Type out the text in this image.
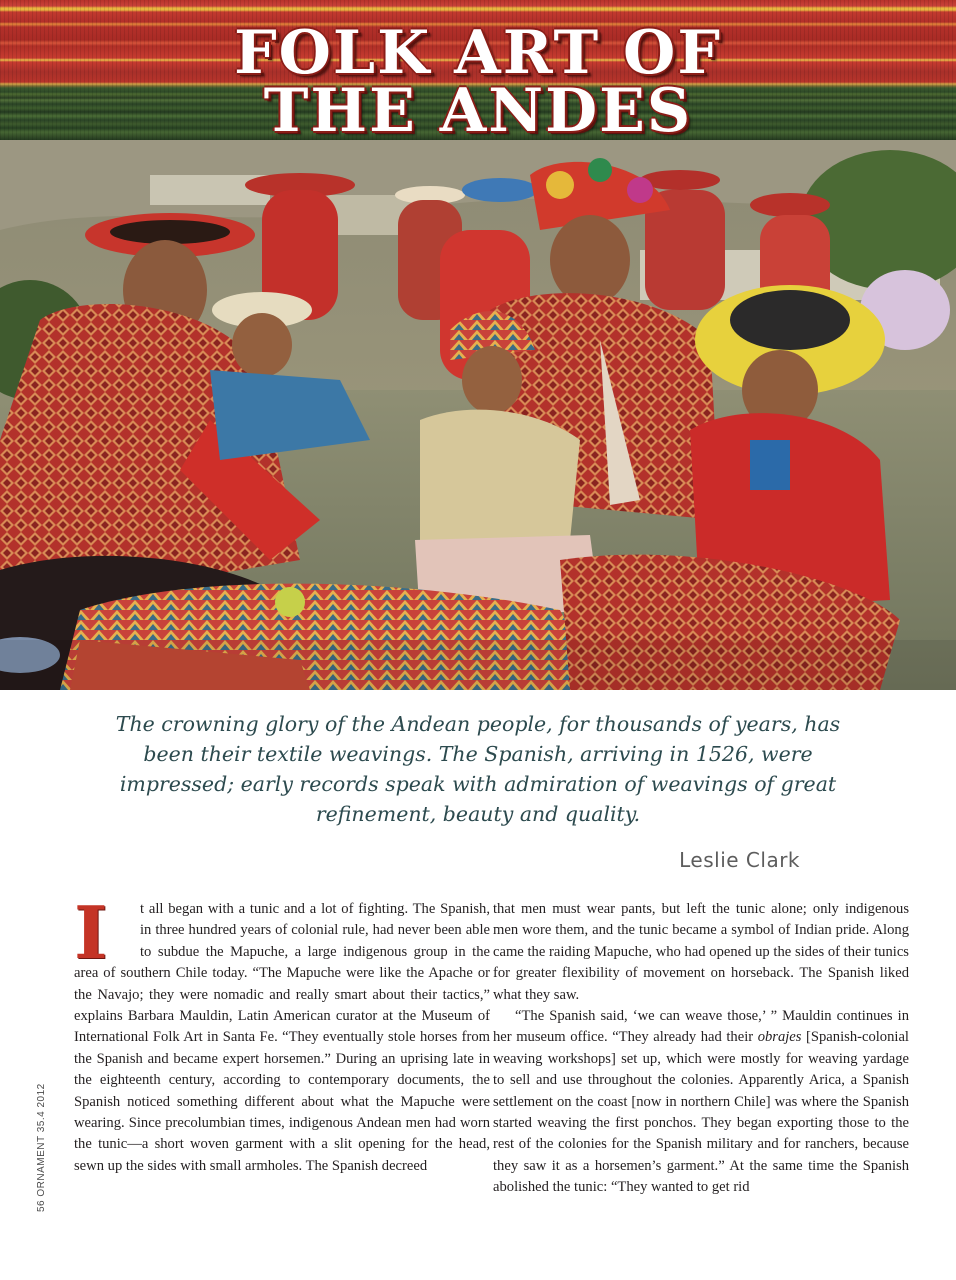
FOLK ART OF
THE ANDES

The crowning glory of the Andean people, for thousands of years, has been their textile weavings. The Spanish, arriving in 1526, were impressed; early records speak with admiration of weavings of great refinement, beauty and quality.

Leslie Clark

I	t all began with a tunic and a lot of fighting. The Spanish, in three hundred years of colonial rule, had never been able to subdue the Mapuche, a large indigenous group in the area of southern Chile today. “The Mapuche were like the Apache or the Navajo; they were nomadic and really smart about their tactics,” explains Barbara Mauldin, Latin American curator at the Museum of International Folk Art in Santa Fe. “They eventually stole horses from the Spanish and became expert horsemen.” During an uprising late in the eighteenth century, according to contemporary documents, the Spanish noticed something different about what the Mapuche were wearing. Since precolumbian times, indigenous Andean men had worn the tunic—a short woven garment with a slit opening for the head, sewn up the sides with small armholes. The Spanish decreed

that men must wear pants, but left the tunic alone; only indigenous men wore them, and the tunic became a symbol of Indian pride. Along came the raiding Mapuche, who had opened up the sides of their tunics for greater flexibility of movement on horseback. The Spanish liked what they saw.

“The Spanish said, ‘we can weave those,’ ” Mauldin continues in her museum office. “They already had their obrajes [Spanish-colonial weaving workshops] set up, which were mostly for weaving yardage to sell and use throughout the colonies. Apparently Arica, a Spanish settlement on the coast [now in northern Chile] was where the Spanish started weaving the first ponchos. They began exporting those to the rest of the colonies for the Spanish military and for ranchers, because they saw it as a horsemen’s garment.” At the same time the Spanish abolished the tunic: “They wanted to get rid

56 ORNAMENT 35.4 2012
